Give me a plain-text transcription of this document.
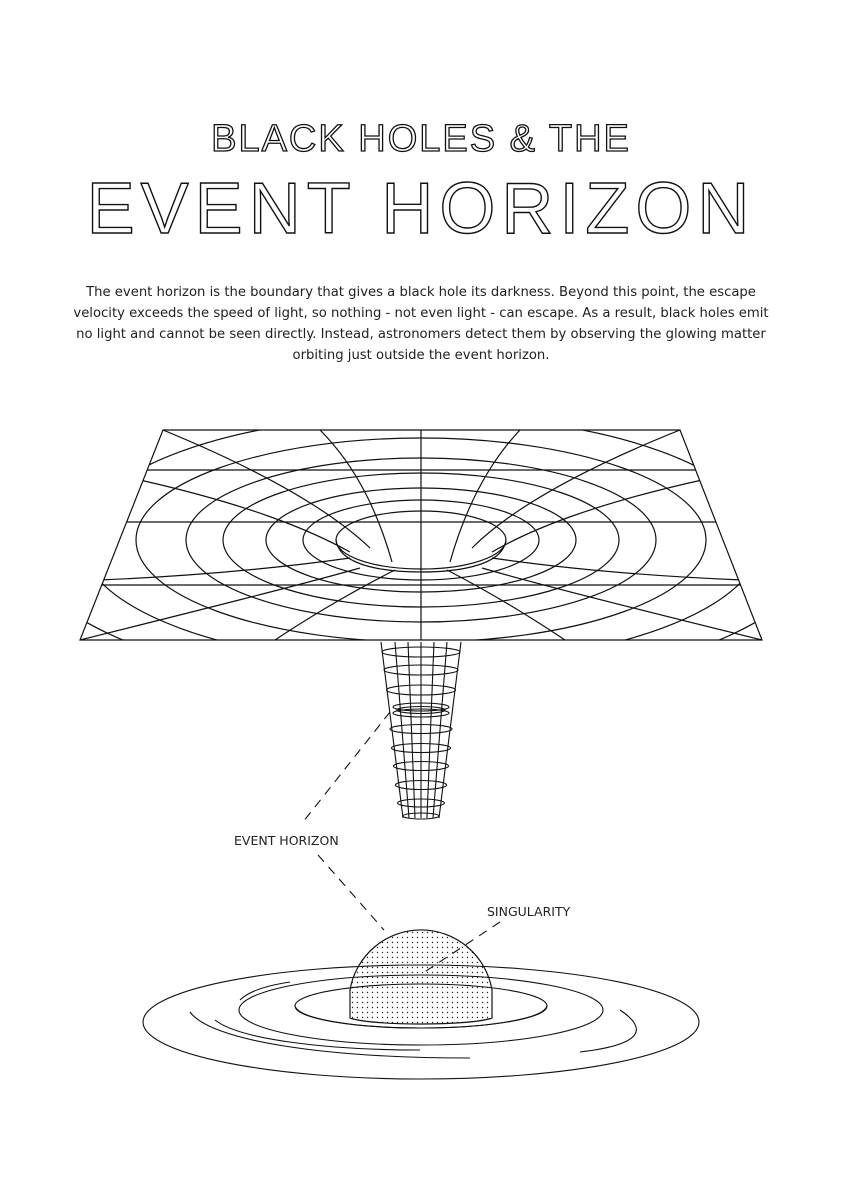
BLACK HOLES & THE
EVENT HORIZON
The event horizon is the boundary that gives a black hole its darkness. Beyond this point, the escape velocity exceeds the speed of light, so nothing - not even light - can escape. As a result, black holes emit no light and cannot be seen directly. Instead, astronomers detect them by observing the glowing matter orbiting just outside the event horizon.
EVENT HORIZON
SINGULARITY
